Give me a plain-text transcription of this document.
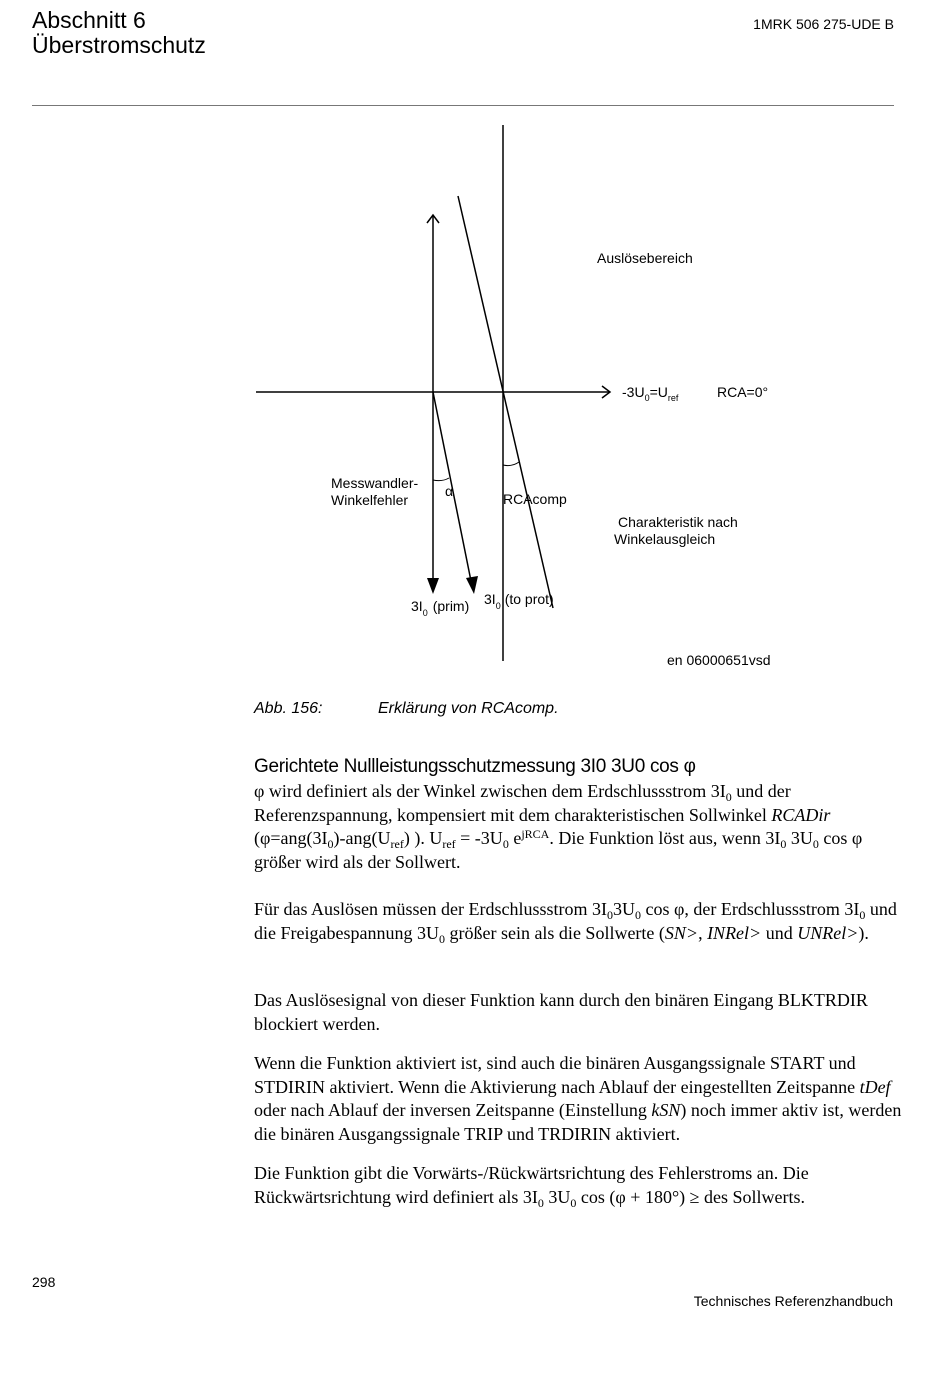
Abschnitt 6
Überstromschutz
1MRK 506 275-UDE B
Auslösebereich
$-3U_0=U_{ref}$	RCA=0°
Messwandler-
Winkelfehler
α	RCAcomp
Charakteristik nach
Winkelausgleich
$3I_0$ (prim) $3I_0$ (to prot)
en 06000651vsd
Abb. 156:	Erklärung von RCAcomp.
Gerichtete Nullleistungsschutzmessung 3I0 3U0 cos φ

φ wird definiert als der Winkel zwischen dem Erdschlussstrom $3I_0$ und der Referenzspannung, kompensiert mit dem charakteristischen Sollwinkel RCADir ($\varphi=ang(3I_0)-ang(U_{ref})$ ). $U_{ref} = -3U_0$ $e^{jRCA}$. Die Funktion löst aus, wenn $3I_0$ $3U_0$ cos φ größer wird als der Sollwert.

Für das Auslösen müssen der Erdschlussstrom $3I_03U_0$ cos φ, der Erdschlussstrom $3I_0$ und die Freigabespannung $3U_0$ größer sein als die Sollwerte (SN>, INRel> und UNRel>).

Das Auslösesignal von dieser Funktion kann durch den binären Eingang BLKTRDIR blockiert werden.

Wenn die Funktion aktiviert ist, sind auch die binären Ausgangssignale START und STDIRIN aktiviert. Wenn die Aktivierung nach Ablauf der eingestellten Zeitspanne tDef oder nach Ablauf der inversen Zeitspanne (Einstellung kSN) noch immer aktiv ist, werden die binären Ausgangssignale TRIP und TRDIRIN aktiviert.

Die Funktion gibt die Vorwärts-/Rückwärtsrichtung des Fehlerstroms an. Die Rückwärtsrichtung wird definiert als $3I_0$ $3U_0$ cos (φ + 180°) ≥ des Sollwerts.

298
Technisches Referenzhandbuch
